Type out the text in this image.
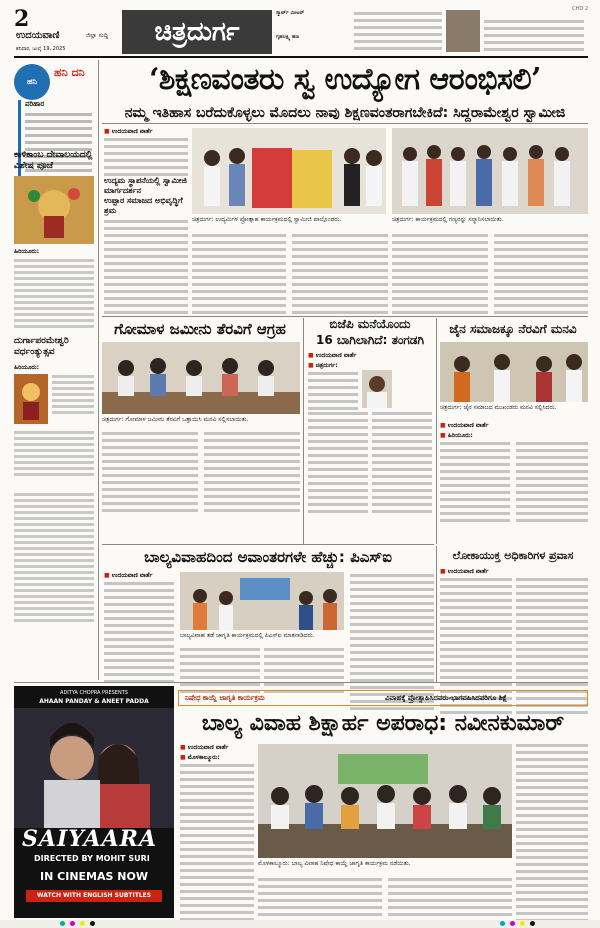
2
ಉದಯವಾಣಿ	ಜಿಲ್ಲಾ ಸುದ್ದಿ
ಶನಿವಾರ, ಜುಲೈ 19, 2025
ಚಿತ್ರದುರ್ಗ
ಸ್ಮಾರ್ಟ್ ಮೀಟರ್
ಗೃಹಲಕ್ಷ್ಮಿ ಹಣ
CHD 2
ಹನಿ
ಹನಿ ದನಿ
ಪರಿಹಾರ
ಕಾಳಿಕಾಂಬ ದೇವಾಲಯದಲ್ಲಿ ವಿಶೇಷ ಪೂಜೆ
ಹಿರಿಯೂರು:
ದುರ್ಗಾಪರಮೇಶ್ವರಿ ವರ್ಧಂತ್ಯುತ್ಸವ
ಹಿರಿಯೂರು:
‘ಶಿಕ್ಷಣವಂತರು ಸ್ವ ಉದ್ಯೋಗ ಆರಂಭಿಸಲಿ’
ನಮ್ಮ ಇತಿಹಾಸ ಬರೆದುಕೊಳ್ಳಲು ಮೊದಲು ನಾವು ಶಿಕ್ಷಣವಂತರಾಗಬೇಕಿದೆ: ಸಿದ್ದರಾಮೇಶ್ವರ ಸ್ವಾಮೀಜಿ
■ ಉದಯವಾಣಿ ವಾರ್ತೆ
ಉದ್ಯಮ ಸ್ಥಾಪನೆಯಲ್ಲಿ ಸ್ವಾಮೀಜಿ ಮಾರ್ಗದರ್ಶನ
ಉಪ್ಪಾರ ಸಮಾಜದ ಅಭಿವೃದ್ಧಿಗೆ ಶ್ರಮ
ಚಿತ್ರದುರ್ಗ: ಉದ್ಯಮಿಗಳ ಪ್ರೋತ್ಸಾಹ ಕಾರ್ಯಕ್ರಮದಲ್ಲಿ ಸ್ವಾಮೀಜಿ ಪಾಲ್ಗೊಂಡರು.	ಚಿತ್ರದುರ್ಗ: ಕಾರ್ಯಕ್ರಮದಲ್ಲಿ ಗಣ್ಯರನ್ನು ಸನ್ಮಾನಿಸಲಾಯಿತು.
ಗೋಮಾಳ ಜಮೀನು ತೆರವಿಗೆ ಆಗ್ರಹ
ಚಿತ್ರದುರ್ಗ: ಗೋಮಾಳ ಜಮೀನು ತೆರವಿಗೆ ಒತ್ತಾಯಿಸಿ ಮನವಿ ಸಲ್ಲಿಸಲಾಯಿತು.
ಬಿಜೆಪಿ ಮನೆಯೊಂದು
16 ಬಾಗಿಲಾಗಿದೆ: ತಂಗಡಗಿ
■ ಉದಯವಾಣಿ ವಾರ್ತೆ
■ ಚಿತ್ರದುರ್ಗ:
ಜೈನ ಸಮಾಜಕ್ಕೂ ನೆರವಿಗೆ ಮನವಿ
ಚಿತ್ರದುರ್ಗ: ಜೈನ ಸಮಾಜದ ಮುಖಂಡರು ಮನವಿ ಸಲ್ಲಿಸಿದರು.
■ ಉದಯವಾಣಿ ವಾರ್ತೆ
■ ಹಿರಿಯೂರು:
ಬಾಲ್ಯವಿವಾಹದಿಂದ ಅವಾಂತರಗಳೇ ಹೆಚ್ಚು: ಪಿಎಸ್‌ಐ
■ ಉದಯವಾಣಿ ವಾರ್ತೆ
ಬಾಲ್ಯವಿವಾಹ ತಡೆ ಜಾಗೃತಿ ಕಾರ್ಯಕ್ರಮದಲ್ಲಿ ಪಿಎಸ್‌ಐ ಮಾತನಾಡಿದರು.
ಲೋಕಾಯುಕ್ತ ಅಧಿಕಾರಿಗಳ ಪ್ರವಾಸ
■ ಉದಯವಾಣಿ ವಾರ್ತೆ
ADITYA CHOPRA PRESENTS
AHAAN PANDAY & ANEET PADDA
SAIYAARA
DIRECTED BY MOHIT SURI
IN CINEMAS NOW
WATCH WITH ENGLISH SUBTITLES
ನಿಷೇಧ ಕಾಯ್ದೆ ಜಾಗೃತಿ ಕಾರ್ಯಕ್ರಮ	ವಿವಾಹಕ್ಕೆ ಪ್ರೋತ್ಸಾಹಿಸಿದವರು-ಭಾಗವಹಿಸಿದವರಿಗೂ ಶಿಕ್ಷೆ
ಬಾಲ್ಯ ವಿವಾಹ ಶಿಕ್ಷಾರ್ಹ ಅಪರಾಧ: ನವೀನಕುಮಾರ್
■ ಉದಯವಾಣಿ ವಾರ್ತೆ
■ ಮೊಳಕಾಲ್ಮೂರು:
ಮೊಳಕಾಲ್ಮೂರು: ಬಾಲ್ಯ ವಿವಾಹ ನಿಷೇಧ ಕಾಯ್ದೆ ಜಾಗೃತಿ ಕಾರ್ಯಕ್ರಮ ನಡೆಯಿತು.
